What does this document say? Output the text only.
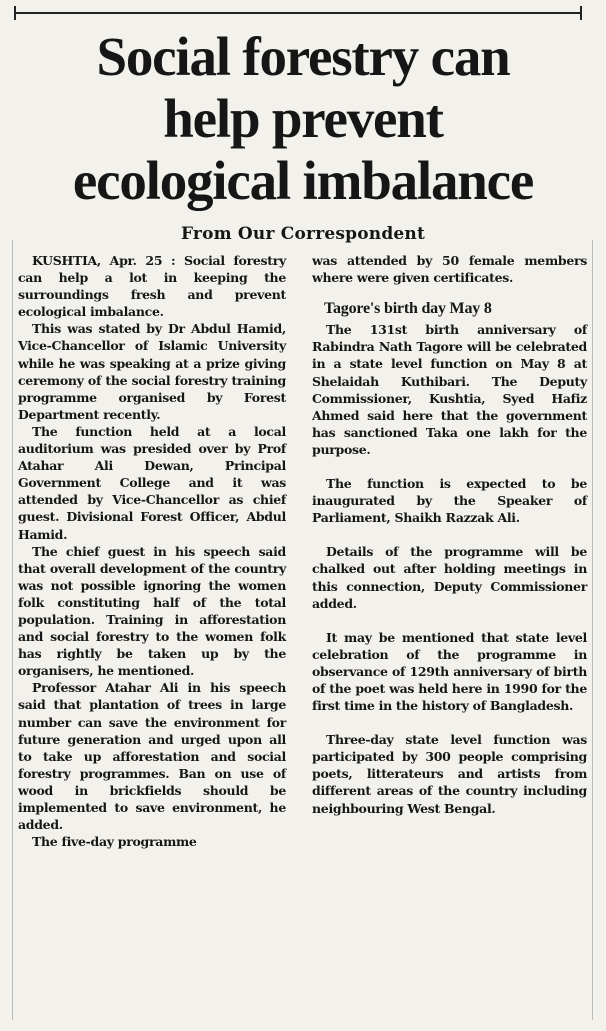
Social forestry can
help prevent
ecological imbalance
From Our Correspondent

KUSHTIA, Apr. 25 : Social forestry can help a lot in keeping the surroundings fresh and prevent ecological imbalance.

This was stated by Dr Abdul Hamid, Vice-Chancellor of Islamic University while he was speaking at a prize giving ceremony of the social forestry training programme organised by Forest Department recently.

The function held at a local auditorium was presided over by Prof Atahar Ali Dewan, Principal Government College and it was attended by Vice-Chancellor as chief guest. Divisional Forest Officer, Abdul Hamid.

The chief guest in his speech said that overall development of the country was not possible ignoring the women folk constituting half of the total population. Training in afforestation and social forestry to the women folk has rightly be taken up by the organisers, he mentioned.

Professor Atahar Ali in his speech said that plantation of trees in large number can save the environment for future generation and urged upon all to take up afforestation and social forestry programmes. Ban on use of wood in brickfields should be implemented to save environment, he added.

The five-day programme

was attended by 50 female members where were given certificates.

Tagore's birth day May 8

The 131st birth anniversary of Rabindra Nath Tagore will be celebrated in a state level function on May 8 at Shelaidah Kuthibari. The Deputy Commissioner, Kushtia, Syed Hafiz Ahmed said here that the government has sanctioned Taka one lakh for the purpose.

The function is expected to be inaugurated by the Speaker of Parliament, Shaikh Razzak Ali.

Details of the programme will be chalked out after holding meetings in this connection, Deputy Commissioner added.

It may be mentioned that state level celebration of the programme in observance of 129th anniversary of birth of the poet was held here in 1990 for the first time in the history of Bangladesh.

Three-day state level function was participated by 300 people comprising poets, litterateurs and artists from different areas of the country including neighbouring West Bengal.
